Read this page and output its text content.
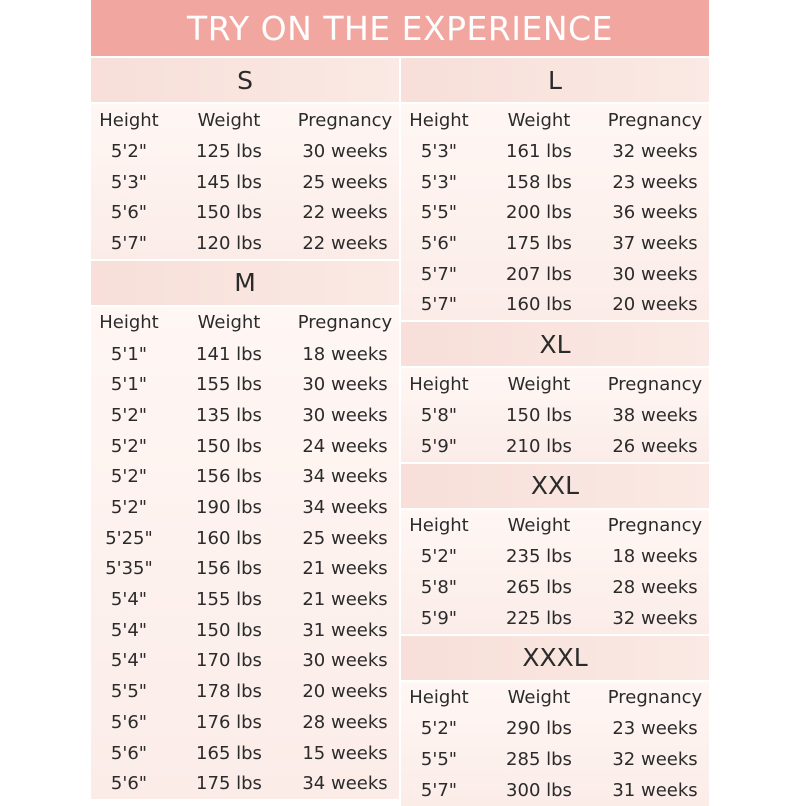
TRY ON THE EXPERIENCE
S
Height	Weight	Pregnancy
5'2"	125 lbs	30 weeks
5'3"	145 lbs	25 weeks
5'6"	150 lbs	22 weeks
5'7"	120 lbs	22 weeks
M
Height	Weight	Pregnancy
5'1"	141 lbs	18 weeks
5'1"	155 lbs	30 weeks
5'2"	135 lbs	30 weeks
5'2"	150 lbs	24 weeks
5'2"	156 lbs	34 weeks
5'2"	190 lbs	34 weeks
5'25"	160 lbs	25 weeks
5'35"	156 lbs	21 weeks
5'4"	155 lbs	21 weeks
5'4"	150 lbs	31 weeks
5'4"	170 lbs	30 weeks
5'5"	178 lbs	20 weeks
5'6"	176 lbs	28 weeks
5'6"	165 lbs	15 weeks
5'6"	175 lbs	34 weeks
L
Height	Weight	Pregnancy
5'3"	161 lbs	32 weeks
5'3"	158 lbs	23 weeks
5'5"	200 lbs	36 weeks
5'6"	175 lbs	37 weeks
5'7"	207 lbs	30 weeks
5'7"	160 lbs	20 weeks
XL
Height	Weight	Pregnancy
5'8"	150 lbs	38 weeks
5'9"	210 lbs	26 weeks
XXL
Height	Weight	Pregnancy
5'2"	235 lbs	18 weeks
5'8"	265 lbs	28 weeks
5'9"	225 lbs	32 weeks
XXXL
Height	Weight	Pregnancy
5'2"	290 lbs	23 weeks
5'5"	285 lbs	32 weeks
5'7"	300 lbs	31 weeks
